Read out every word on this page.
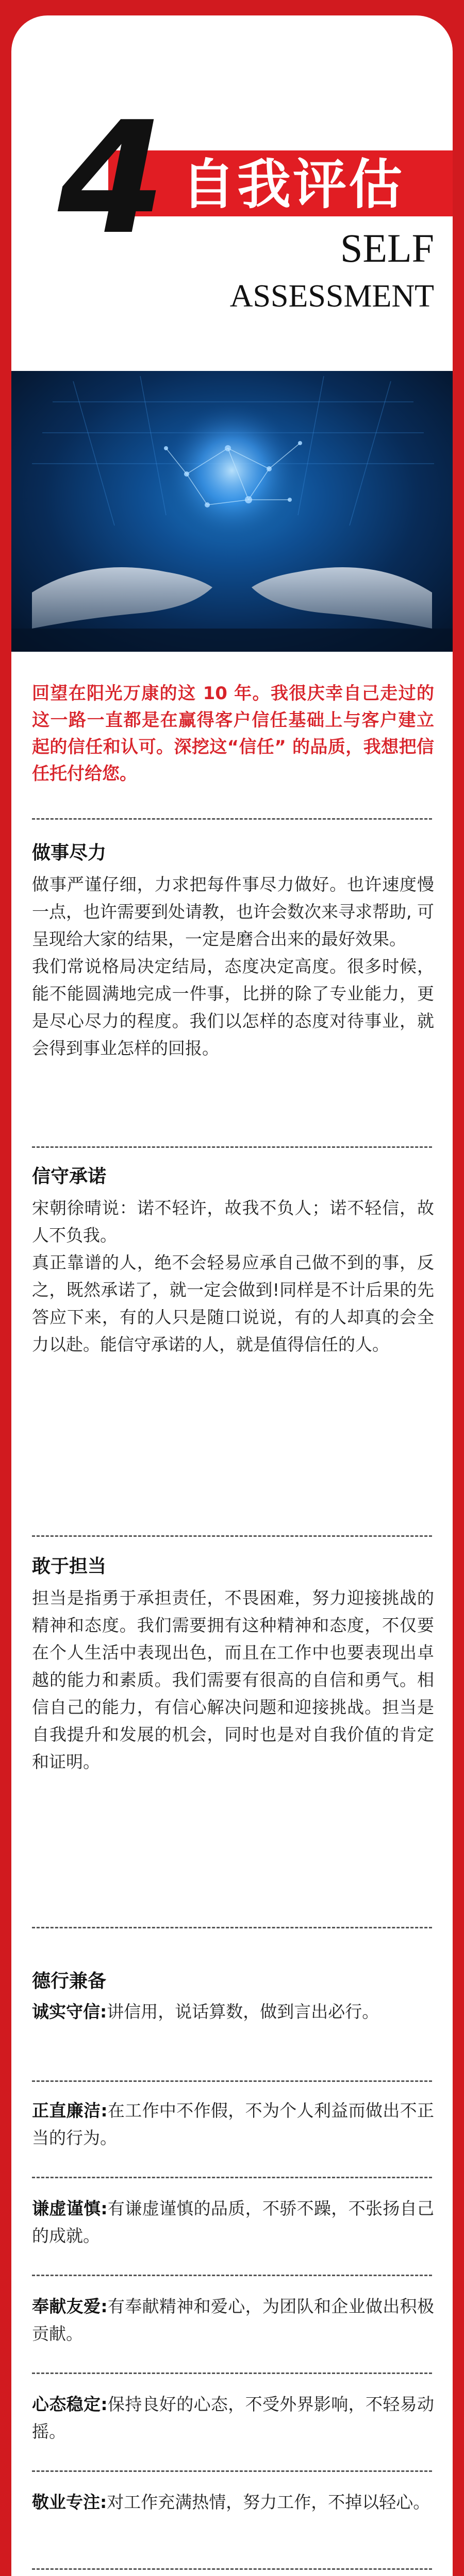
4 自我评估
SELF
ASSESSMENT
回望在阳光万康的这 10 年。我很庆幸自己走过的这一路一直都是在赢得客户信任基础上与客户建立起的信任和认可。深挖这“信任” 的品质，我想把信任托付给您。
做事尽力

做事严谨仔细，力求把每件事尽力做好。也许速度慢一点，也许需要到处请教，也许会数次来寻求帮助, 可呈现给大家的结果，一定是磨合出来的最好效果。

我们常说格局决定结局，态度决定高度。很多时候，能不能圆满地完成一件事，比拼的除了专业能力，更是尽心尽力的程度。我们以怎样的态度对待事业，就会得到事业怎样的回报。

信守承诺

宋朝徐晴说：诺不轻许，故我不负人；诺不轻信，故人不负我。

真正靠谱的人，绝不会轻易应承自己做不到的事，反之，既然承诺了，就一定会做到!同样是不计后果的先答应下来，有的人只是随口说说，有的人却真的会全力以赴。能信守承诺的人，就是值得信任的人。

敢于担当

担当是指勇于承担责任，不畏困难，努力迎接挑战的精神和态度。我们需要拥有这种精神和态度，不仅要在个人生活中表现出色，而且在工作中也要表现出卓越的能力和素质。我们需要有很高的自信和勇气。相信自己的能力，有信心解决问题和迎接挑战。担当是自我提升和发展的机会，同时也是对自我价值的肯定和证明。

德行兼备
诚实守信:讲信用，说话算数，做到言出必行。
正直廉洁:在工作中不作假，不为个人利益而做出不正当的行为。
谦虚谨慎:有谦虚谨慎的品质，不骄不躁，不张扬自己的成就。
奉献友爱:有奉献精神和爱心，为团队和企业做出积极贡献。
心态稳定:保持良好的心态，不受外界影响，不轻易动摇。
敬业专注:对工作充满热情，努力工作，不掉以轻心。
